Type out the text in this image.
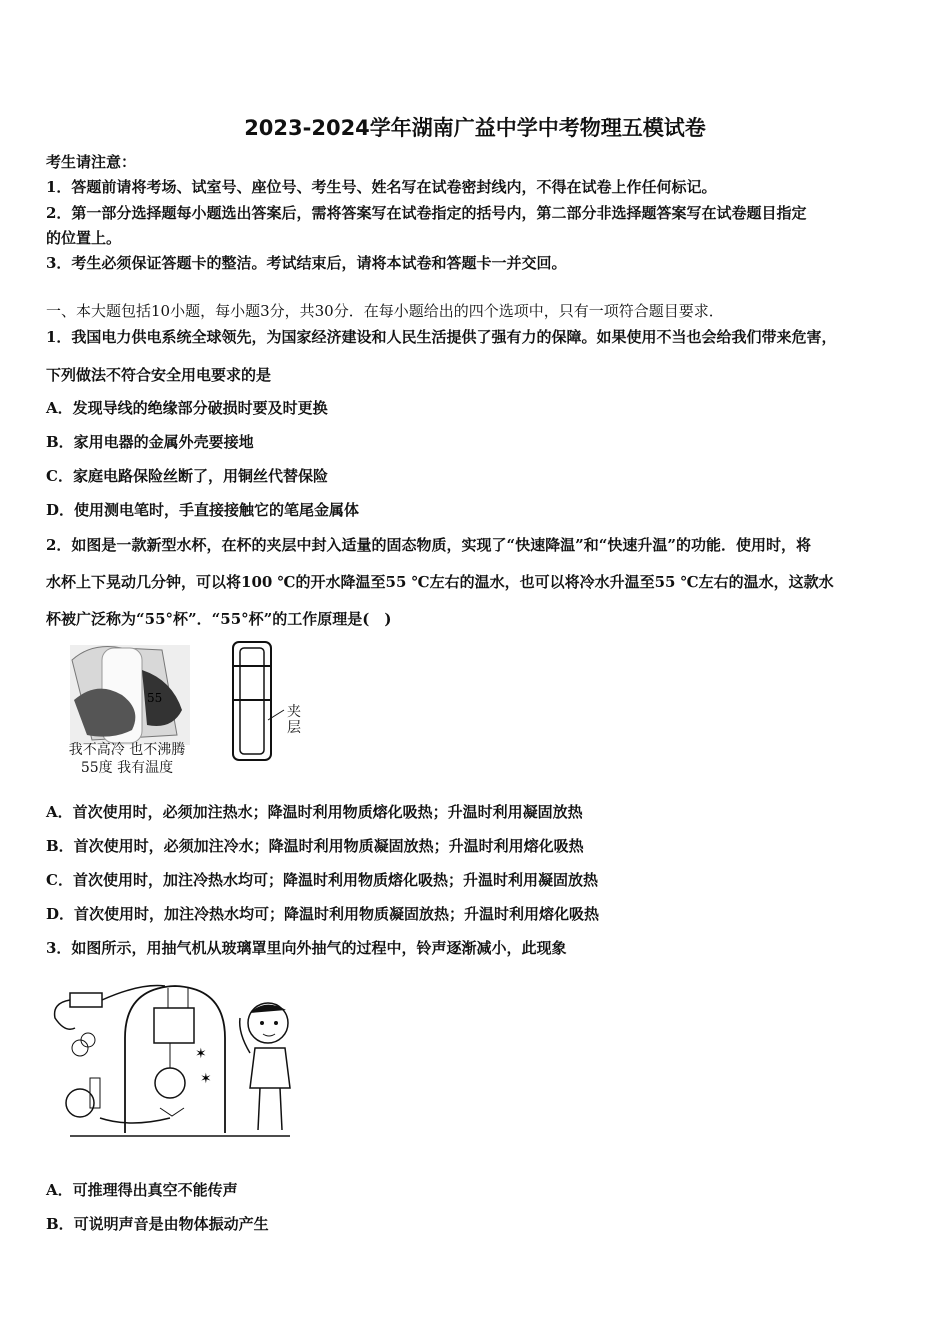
2023-2024学年湖南广益中学中考物理五模试卷
考生请注意：
1．答题前请将考场、试室号、座位号、考生号、姓名写在试卷密封线内，不得在试卷上作任何标记。
2．第一部分选择题每小题选出答案后，需将答案写在试卷指定的括号内，第二部分非选择题答案写在试卷题目指定
的位置上。
3．考生必须保证答题卡的整洁。考试结束后，请将本试卷和答题卡一并交回。
一、本大题包括10小题，每小题3分，共30分．在每小题给出的四个选项中，只有一项符合题目要求．
1．我国电力供电系统全球领先，为国家经济建设和人民生活提供了强有力的保障。如果使用不当也会给我们带来危害，
下列做法不符合安全用电要求的是
A．发现导线的绝缘部分破损时要及时更换
B．家用电器的金属外壳要接地
C．家庭电路保险丝断了，用铜丝代替保险
D．使用测电笔时，手直接接触它的笔尾金属体
2．如图是一款新型水杯，在杯的夹层中封入适量的固态物质，实现了“快速降温”和“快速升温”的功能．使用时，将
水杯上下晃动几分钟，可以将100 ℃的开水降温至55 ℃左右的温水，也可以将冷水升温至55 ℃左右的温水，这款水
杯被广泛称为“55°杯”．“55°杯”的工作原理是(　)
55
我不高冷 也不沸腾
55度 我有温度
夹
层
A．首次使用时，必须加注热水；降温时利用物质熔化吸热；升温时利用凝固放热
B．首次使用时，必须加注冷水；降温时利用物质凝固放热；升温时利用熔化吸热
C．首次使用时，加注冷热水均可；降温时利用物质熔化吸热；升温时利用凝固放热
D．首次使用时，加注冷热水均可；降温时利用物质凝固放热；升温时利用熔化吸热
3．如图所示，用抽气机从玻璃罩里向外抽气的过程中，铃声逐渐减小，此现象
✶
✶
A．可推理得出真空不能传声
B．可说明声音是由物体振动产生
